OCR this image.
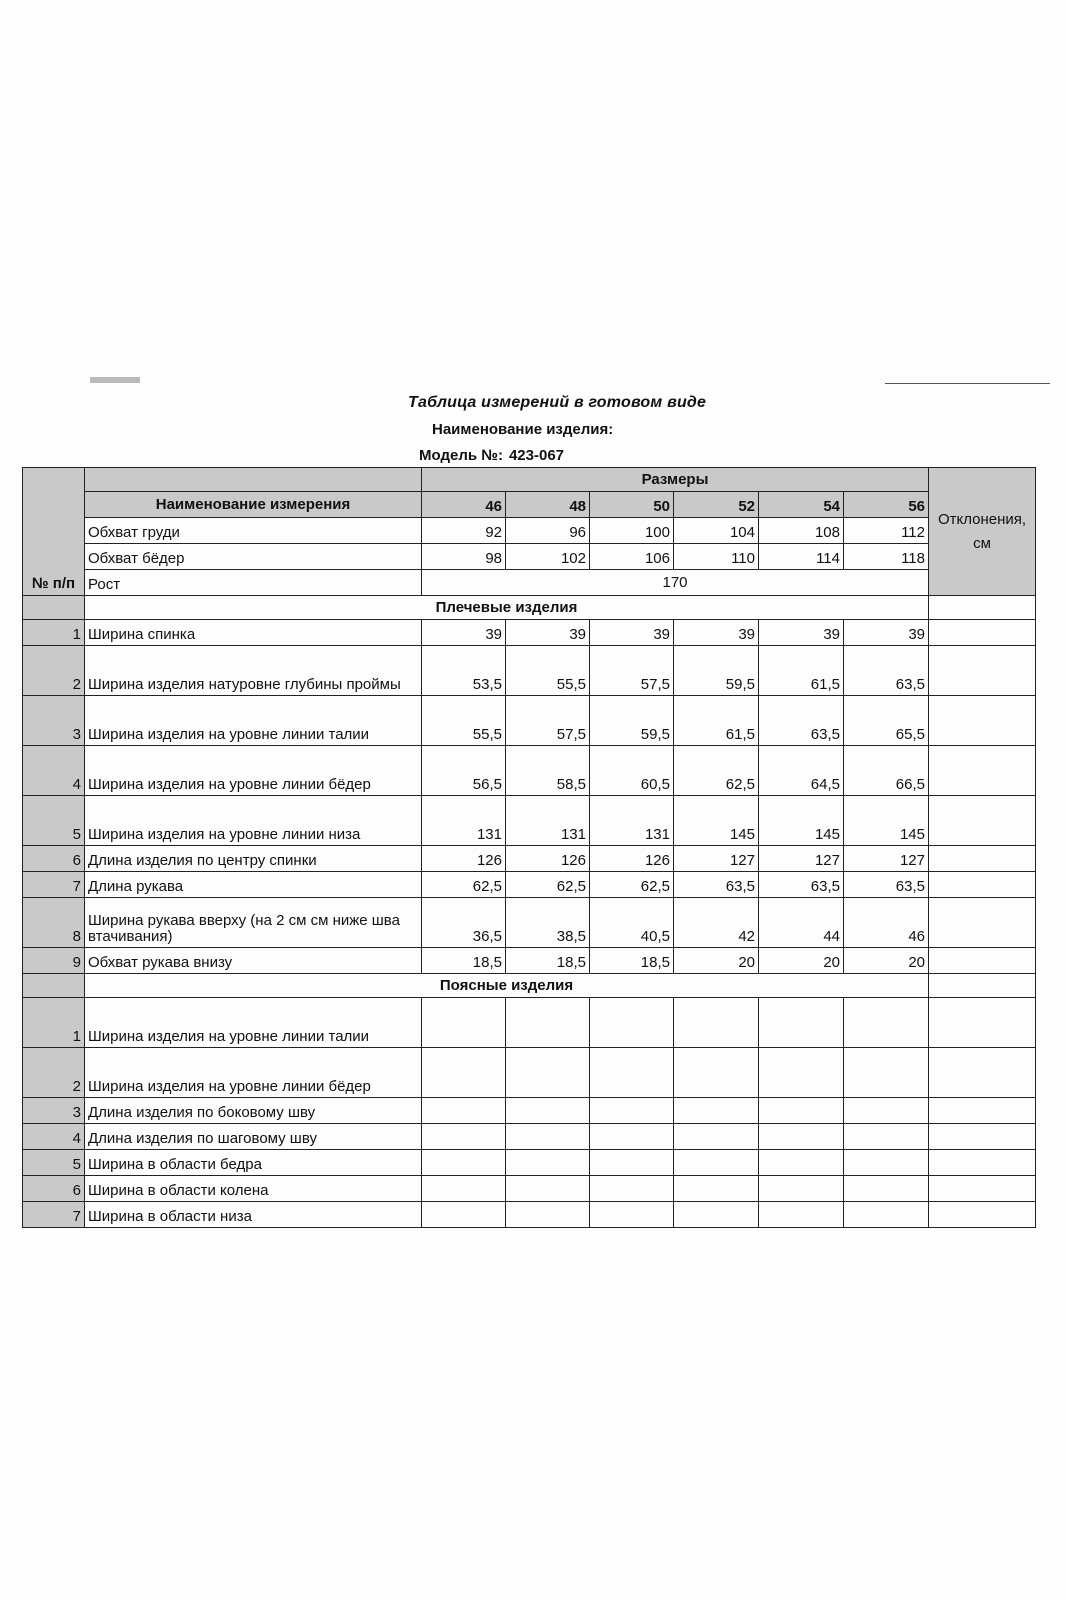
Таблица измерений в готовом виде
Наименование изделия:
Модель №: 423-067
№ п/п		Размеры						Отклонения, см
	Наименование измерения	46	48	50	52	54	56	
	Обхват груди	92	96	100	104	108	112	
	Обхват бёдер	98	102	106	110	114	118	
	Рост	170						
	Плечевые изделия							
1	Ширина спинка	39	39	39	39	39	39	
2	Ширина изделия натуровне глубины проймы	53,5	55,5	57,5	59,5	61,5	63,5	
3	Ширина изделия на уровне линии талии	55,5	57,5	59,5	61,5	63,5	65,5	
4	Ширина изделия на уровне линии бёдер	56,5	58,5	60,5	62,5	64,5	66,5	
5	Ширина изделия на уровне линии низа	131	131	131	145	145	145	
6	Длина изделия по центру спинки	126	126	126	127	127	127	
7	Длина рукава	62,5	62,5	62,5	63,5	63,5	63,5	
8	Ширина рукава вверху (на 2 см см ниже шва втачивания)	36,5	38,5	40,5	42	44	46	
9	Обхват рукава внизу	18,5	18,5	18,5	20	20	20	
	Поясные изделия							
1	Ширина изделия на уровне линии талии							
2	Ширина изделия на уровне линии бёдер							
3	Длина изделия по боковому шву							
4	Длина изделия по шаговому шву							
5	Ширина в области бедра							
6	Ширина в области колена							
7	Ширина в области низа							
